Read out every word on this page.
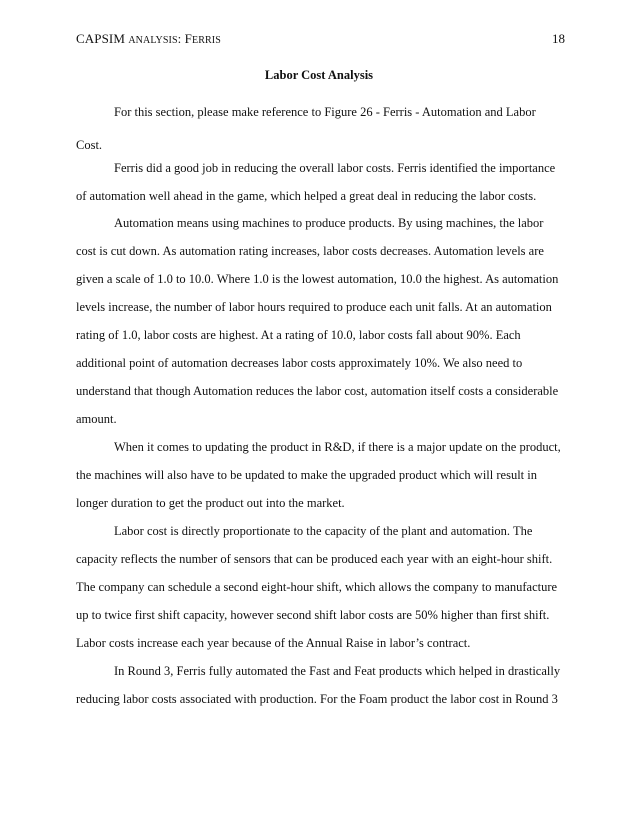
CAPSIM ANALYSIS: FERRIS	18
Labor Cost Analysis
For this section, please make reference to Figure 26 - Ferris - Automation and Labor
Cost.
Ferris did a good job in reducing the overall labor costs. Ferris identified the importance
of automation well ahead in the game, which helped a great deal in reducing the labor costs.
Automation means using machines to produce products. By using machines, the labor
cost is cut down. As automation rating increases, labor costs decreases. Automation levels are
given a scale of 1.0 to 10.0. Where 1.0 is the lowest automation, 10.0 the highest. As automation
levels increase, the number of labor hours required to produce each unit falls. At an automation
rating of 1.0, labor costs are highest. At a rating of 10.0, labor costs fall about 90%. Each
additional point of automation decreases labor costs approximately 10%. We also need to
understand that though Automation reduces the labor cost, automation itself costs a considerable
amount.
When it comes to updating the product in R&D, if there is a major update on the product,
the machines will also have to be updated to make the upgraded product which will result in
longer duration to get the product out into the market.
Labor cost is directly proportionate to the capacity of the plant and automation. The
capacity reflects the number of sensors that can be produced each year with an eight-hour shift.
The company can schedule a second eight-hour shift, which allows the company to manufacture
up to twice first shift capacity, however second shift labor costs are 50% higher than first shift.
Labor costs increase each year because of the Annual Raise in labor’s contract.
In Round 3, Ferris fully automated the Fast and Feat products which helped in drastically
reducing labor costs associated with production. For the Foam product the labor cost in Round 3
